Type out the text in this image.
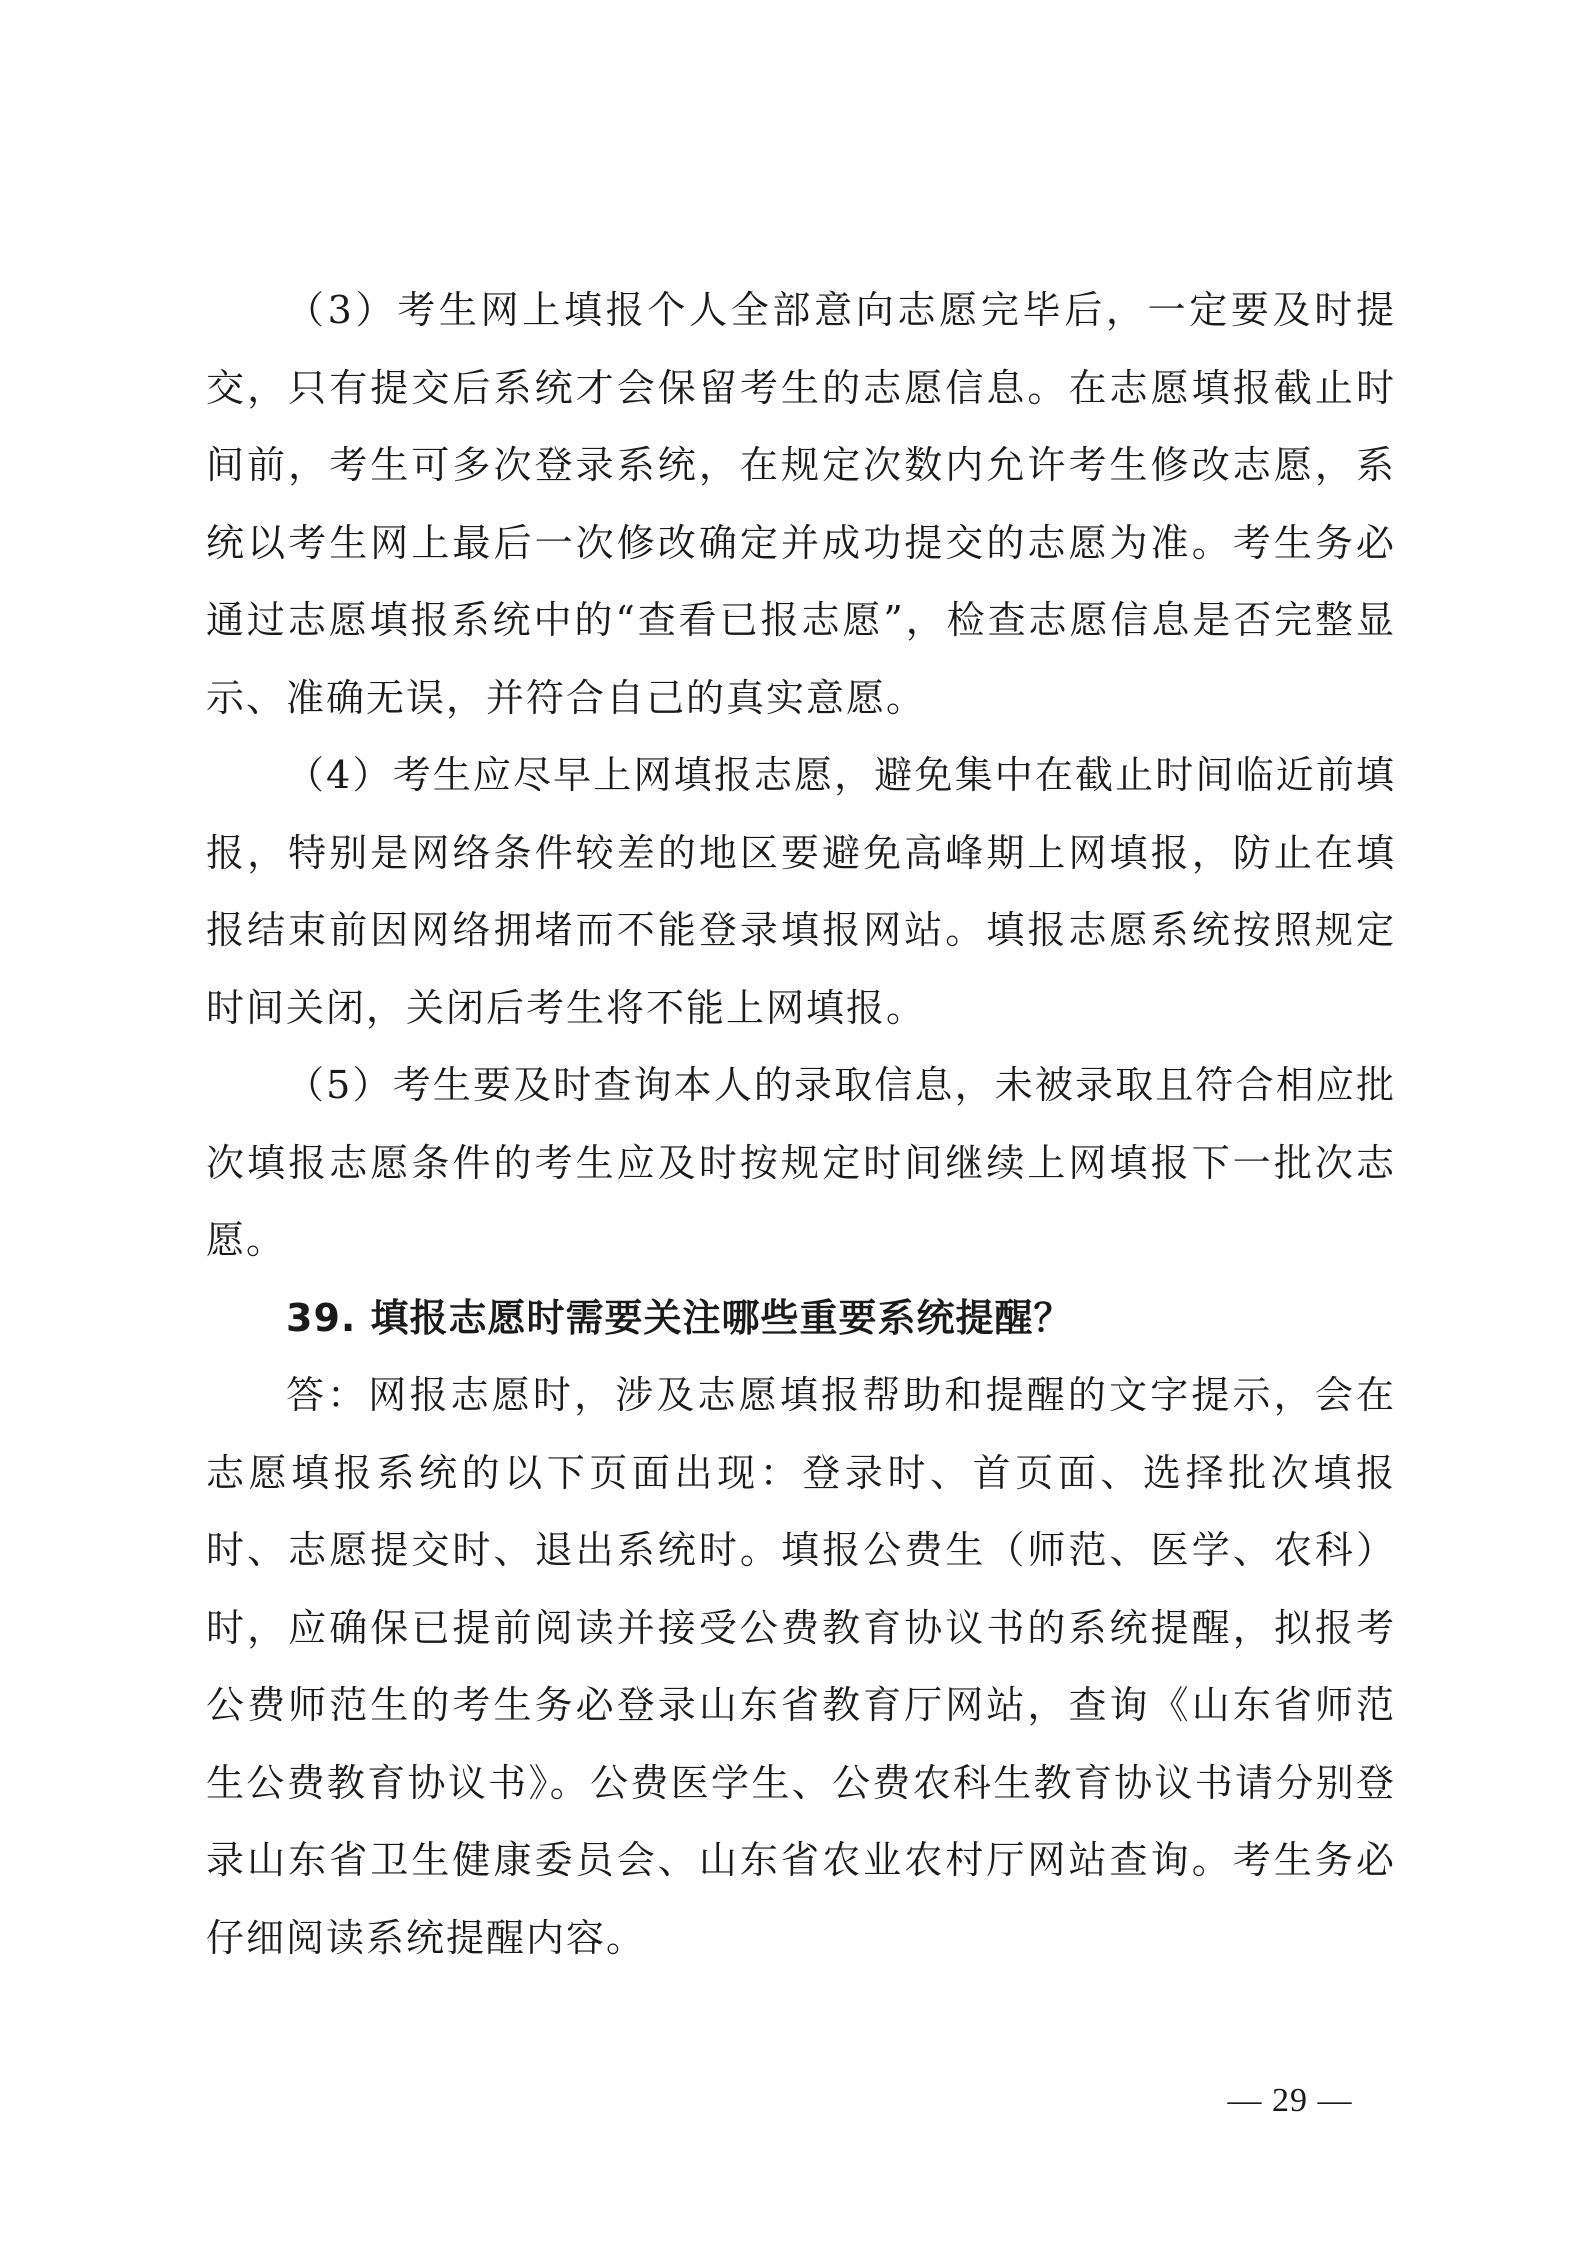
（3）考生网上填报个人全部意向志愿完毕后，一定要及时提交，只有提交后系统才会保留考生的志愿信息。在志愿填报截止时间前，考生可多次登录系统，在规定次数内允许考生修改志愿，系统以考生网上最后一次修改确定并成功提交的志愿为准。考生务必通过志愿填报系统中的“查看已报志愿”，检查志愿信息是否完整显示、准确无误，并符合自己的真实意愿。

（4）考生应尽早上网填报志愿，避免集中在截止时间临近前填报，特别是网络条件较差的地区要避免高峰期上网填报，防止在填报结束前因网络拥堵而不能登录填报网站。填报志愿系统按照规定时间关闭，关闭后考生将不能上网填报。

（5）考生要及时查询本人的录取信息，未被录取且符合相应批次填报志愿条件的考生应及时按规定时间继续上网填报下一批次志愿。

39. 填报志愿时需要关注哪些重要系统提醒？

答：网报志愿时，涉及志愿填报帮助和提醒的文字提示，会在志愿填报系统的以下页面出现：登录时、首页面、选择批次填报时、志愿提交时、退出系统时。填报公费生（师范、医学、农科）时，应确保已提前阅读并接受公费教育协议书的系统提醒，拟报考公费师范生的考生务必登录山东省教育厅网站，查询《山东省师范生公费教育协议书》。公费医学生、公费农科生教育协议书请分别登录山东省卫生健康委员会、山东省农业农村厅网站查询。考生务必仔细阅读系统提醒内容。

— 29 —
